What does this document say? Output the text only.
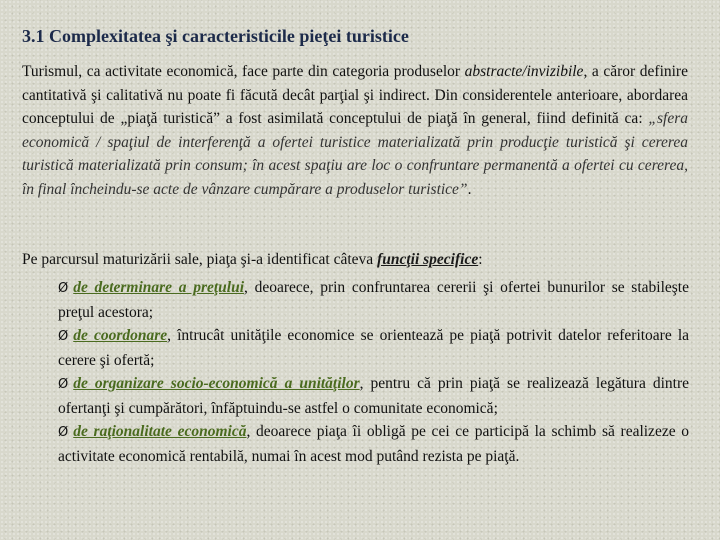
3.1 Complexitatea şi caracteristicile pieţei turistice
Turismul, ca activitate economică, face parte din categoria produselor abstracte/invizibile, a căror definire cantitativă şi calitativă nu poate fi făcută decât parţial şi indirect. Din considerentele anterioare, abordarea conceptului de „piaţă turistică” a fost asimilată conceptului de piaţă în general, fiind definită ca: „sfera economică / spaţiul de interferenţă a ofertei turistice materializată prin producţie turistică şi cererea turistică materializată prin consum; în acest spaţiu are loc o confruntare permanentă a ofertei cu cererea, în final încheindu-se acte de vânzare cumpărare a produselor turistice”.
Pe parcursul maturizării sale, piaţa şi-a identificat câteva funcţii specifice:

Ø de determinare a preţului, deoarece, prin confruntarea cererii şi ofertei bunurilor se stabileşte preţul acestora;

Ø de coordonare, întrucât unităţile economice se orientează pe piaţă potrivit datelor referitoare la cerere şi ofertă;

Ø de organizare socio-economică a unităţilor, pentru că prin piaţă se realizează legătura dintre ofertanţi şi cumpărători, înfăptuindu-se astfel o comunitate economică;

Ø de raţionalitate economică, deoarece piaţa îi obligă pe cei ce participă la schimb să realizeze o activitate economică rentabilă, numai în acest mod putând rezista pe piaţă.
